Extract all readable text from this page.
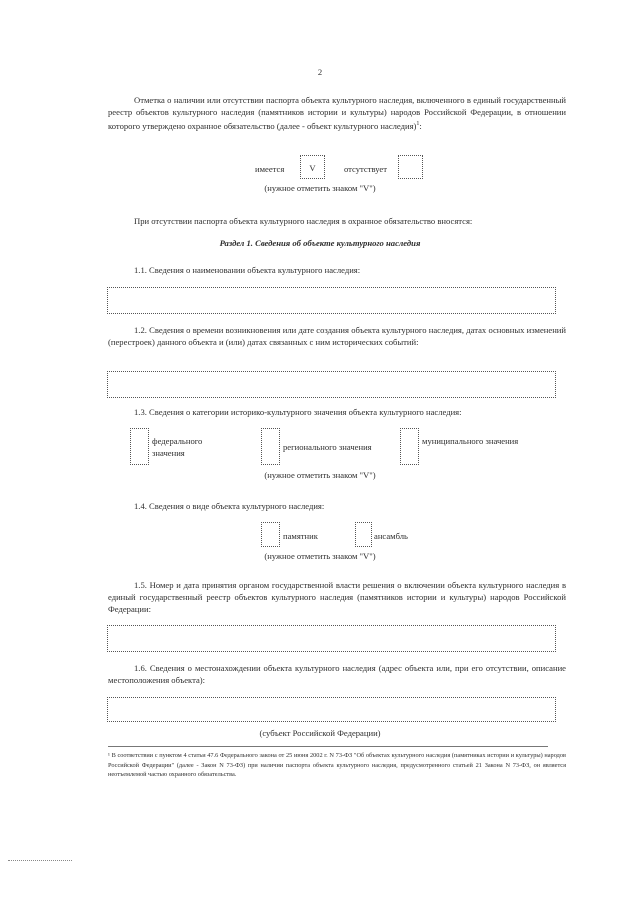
2
Отметка о наличии или отсутствии паспорта объекта культурного наследия, включенного в единый государственный реестр объектов культурного наследия (памятников истории и культуры) народов Российской Федерации, в отношении которого утверждено охранное обязательство (далее - объект культурного наследия)$^1$:
имеется	V	отсутствует
(нужное отметить знаком "V")
При отсутствии паспорта объекта культурного наследия в охранное обязательство вносятся:
Раздел 1. Сведения об объекте культурного наследия
1.1. Сведения о наименовании объекта культурного наследия:
1.2. Сведения о времени возникновения или дате создания объекта культурного наследия, датах основных изменений (перестроек) данного объекта и (или) датах связанных с ним исторических событий:
1.3. Сведения о категории историко-культурного значения объекта культурного наследия:
федерального
значения
регионального значения
муниципального значения
(нужное отметить знаком "V")
1.4. Сведения о виде объекта культурного наследия:
памятник	ансамбль
(нужное отметить знаком "V")
1.5. Номер и дата принятия органом государственной власти решения о включении объекта культурного наследия в единый государственный реестр объектов культурного наследия (памятников истории и культуры) народов Российской Федерации:
1.6. Сведения о местонахождении объекта культурного наследия (адрес объекта или, при его отсутствии, описание местоположения объекта):
(субъект Российской Федерации)
¹ В соответствии с пунктом 4 статьи 47.6 Федерального закона от 25 июня 2002 г. N 73-ФЗ "Об объектах культурного наследия (памятниках истории и культуры) народов Российской Федерации" (далее - Закон N 73-ФЗ) при наличии паспорта объекта культурного наследия, предусмотренного статьей 21 Закона N 73-ФЗ, он является неотъемлемой частью охранного обязательства.
